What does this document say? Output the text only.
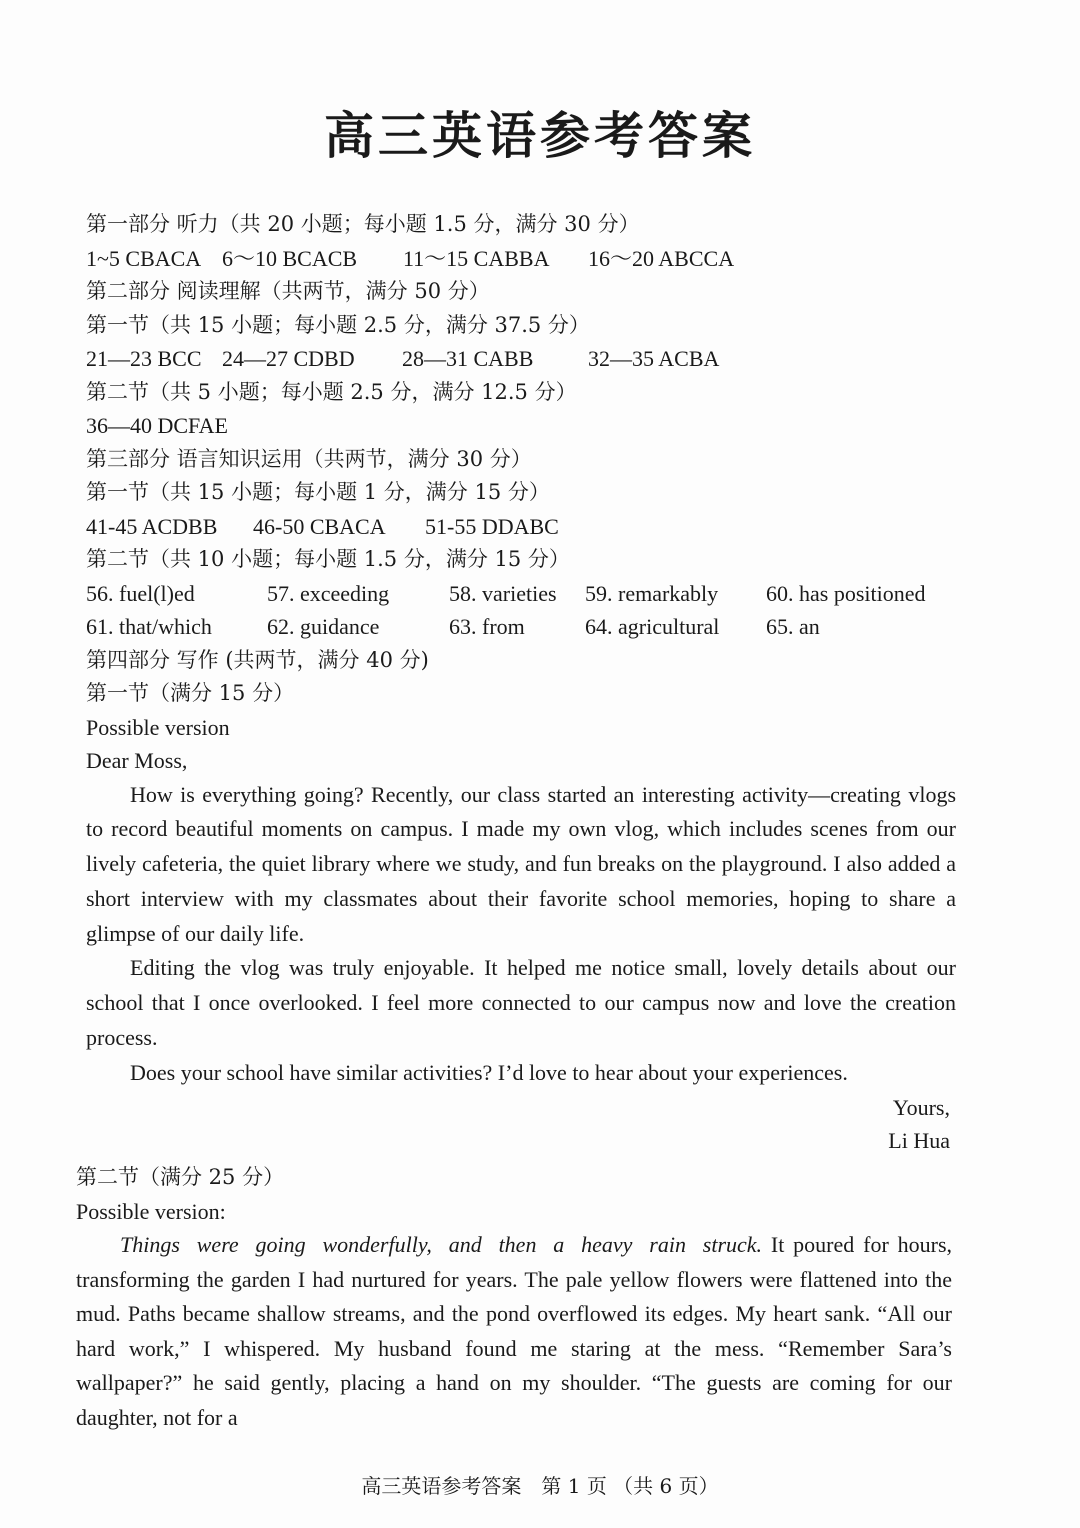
高三英语参考答案
第一部分 听力（共 20 小题；每小题 1.5 分，满分 30 分）
1~5 CBACA 6～10 BCACB 11～15 CABBA 16～20 ABCCA
第二部分 阅读理解（共两节，满分 50 分）
第一节（共 15 小题；每小题 2.5 分，满分 37.5 分）
21—23 BCC 24—27 CDBD 28—31 CABB 32—35 ACBA
第二节（共 5 小题；每小题 2.5 分，满分 12.5 分）
36—40 DCFAE
第三部分 语言知识运用（共两节，满分 30 分）
第一节（共 15 小题；每小题 1 分，满分 15 分）
41-45 ACDBB 46-50 CBACA 51-55 DDABC
第二节（共 10 小题；每小题 1.5 分，满分 15 分）
56. fuel(l)ed	57. exceeding	58. varieties	59. remarkably	60. has positioned
61. that/which	62. guidance	63. from	64. agricultural	65. an
第四部分 写作 (共两节，满分 40 分)
第一节（满分 15 分）
Possible version
Dear Moss,

How is everything going? Recently, our class started an interesting activity—creating vlogs to record beautiful moments on campus. I made my own vlog, which includes scenes from our lively cafeteria, the quiet library where we study, and fun breaks on the playground. I also added a short interview with my classmates about their favorite school memories, hoping to share a glimpse of our daily life.

Editing the vlog was truly enjoyable. It helped me notice small, lovely details about our school that I once overlooked. I feel more connected to our campus now and love the creation process.

Does your school have similar activities? I’d love to hear about your experiences.

Yours,
Li Hua
第二节（满分 25 分）
Possible version:

Things were going wonderfully, and then a heavy rain struck. It poured for hours, transforming the garden I had nurtured for years. The pale yellow flowers were flattened into the mud. Paths became shallow streams, and the pond overflowed its edges. My heart sank. “All our hard work,” I whispered. My husband found me staring at the mess. “Remember Sara’s wallpaper?” he said gently, placing a hand on my shoulder. “The guests are coming for our daughter, not for a

高三英语参考答案　第 1 页 （共 6 页）
